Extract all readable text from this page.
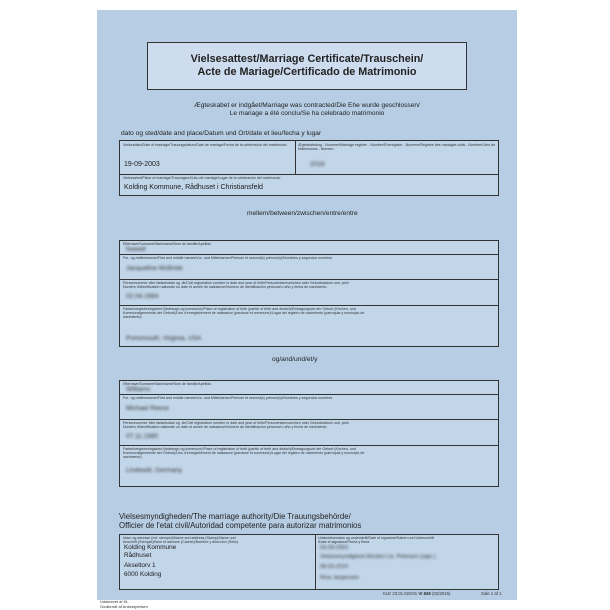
Vielsesattest/Marriage Certificate/Trauschein/
Acte de Mariage/Certificado de Matrimonio
Ægteskabet er indgået/Marriage was contracted/Die Ehe wurde geschlossen/
Le mariage a été conclu/Se ha celebrado matrimonio
dato og sted/date and place/Datum und Ort/date et lieu/fecha y lugar
Vielsesdato/Date of marriage/Trauungsdatum/Date de mariage/Fecha de la celebración del matrimonio
19-09-2003
Ægteskabsbog - Nummer/Marriage register - Number/Eheregister - Nummer/Registre des mariages civils - Nombre/Libro de Matrimonios - Número
2016
Vielsessted/Place of marriage/Trauungsort/Lieu de mariage/Lugar de la celebración del matrimonio
Kolding Kommune, Rådhuset i Christiansfeld
mellem/between/zwischen/entre/entre
Efternavn/Surname/Nachname/Nom de famille/Apellido
Nowell
For- og mellemnavne/First and middle names/Vor- und Mittelnamen/Prénom et second(s) prénom(s)/Nombres y segundos nombres
Jacqueline McBride
Personnummer eller fødselsdato og -år/Civil registration number or date and year of birth/Personenkennzeichen oder Geburtsdatum und -jahr/
Numéro d'identification nationale ou date et année de naissance/Número de identificación personal o año y fecha de nacimiento
02.04.1984
Fødselsregistreringssted (fødesogn og kommune)/Place of registration of birth (parish of birth and district)/Eintragungsort der Geburt (Kirchen- und
Kommunalgemeinde der Geburt)/Lieu d'enregistrement de naissance (paroisse et commune)/Lugar del registro de nacimiento (parroquia y municipio de
nacimiento)
Portsmouth, Virginia, USA
og/and/und/et/y
Efternavn/Surname/Nachname/Nom de famille/Apellido
Williams
For- og mellemnavne/First and middle names/Vor- und Mittelnamen/Prénom et second(s) prénom(s)/Nombres y segundos nombres
Michael Reese
Personnummer eller fødselsdato og -år/Civil registration number or date and year of birth/Personenkennzeichen oder Geburtsdatum und -jahr/
Numéro d'identification nationale ou date et année de naissance/Número de identificación personal o año y fecha de nacimiento
07.11.1980
Fødselsregistreringssted (fødesogn og kommune)/Place of registration of birth (parish of birth and district)/Eintragungsort der Geburt (Kirchen- und
Kommunalgemeinde der Geburt)/Lieu d'enregistrement de naissance (paroisse et commune)/Lugar del registro de nacimiento (parroquia y municipio de
nacimiento)
Lindewitt, Germany
Vielsesmyndigheden/The marriage authority/Die Trauungsbehörde/
Officier de l'etat civil/Autoridad competente para autorizar matrimonios
Navn og adresse (evt. stempel)/Name and address (Stamp)/Name und
Anschrift (Stempel)/Nom et adresse (Cachet)/Nombre y dirección (Sello)
Kolding Kommune
Rådhuset
Akseltorv 1
6000 Kolding
Udstedelsesdato og underskrift/Date of signature/Datum und Unterschrift
/Date et signature/Fecha y firma
03-09-2003
Vielsesmyndighed (Kirsten Lis. Petersen (sign.)
08-03-2016
Rina Jørgensen
KLE 23.01.02G01 VI 849 (02/2015)	Side 1 af 1
Udskrevet af KL
Godkendt af Ankestyrelsen
